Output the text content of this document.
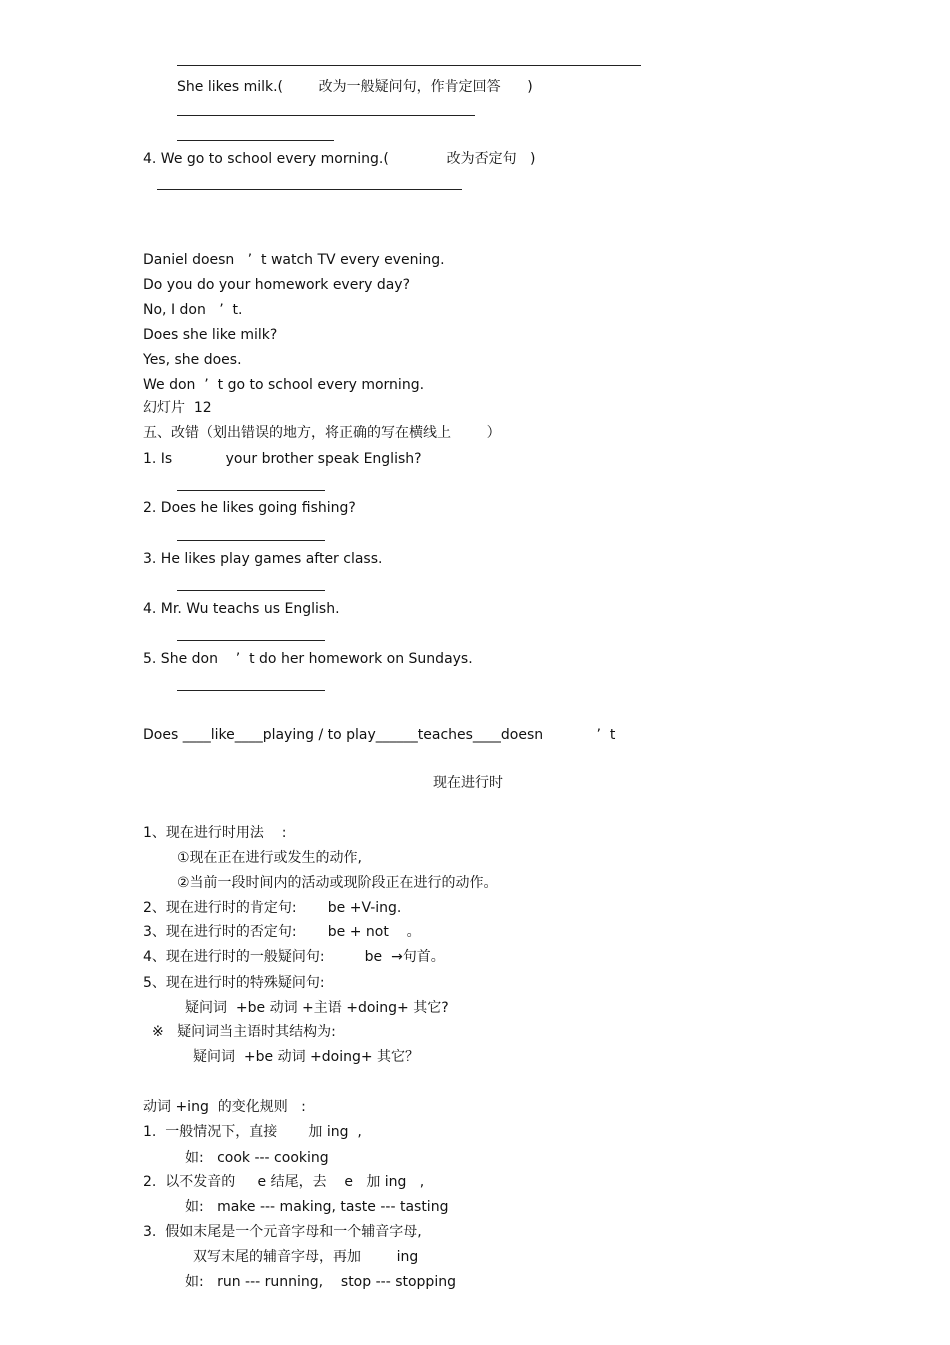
She likes milk.(        改为一般疑问句，作肯定回答      )
4. We go to school every morning.(             改为否定句   )
Daniel doesn   ’  t watch TV every evening.
Do you do your homework every day?
No, I don   ’  t.
Does she like milk?
Yes, she does.
We don  ’  t go to school every morning.
幻灯片  12
五、改错（划出错误的地方，将正确的写在横线上        ）
1. Is            your brother speak English?
2. Does he likes going fishing?
3. He likes play games after class.
4. Mr. Wu teachs us English.
5. She don    ’  t do her homework on Sundays.
Does ____like____playing / to play______teaches____doesn            ’  t
现在进行时
1、现在进行时用法    :
①现在正在进行或发生的动作,
②当前一段时间内的活动或现阶段正在进行的动作。
2、现在进行时的肯定句:       be +V-ing.
3、现在进行时的否定句:       be + not    。
4、现在进行时的一般疑问句:         be  →句首。
5、现在进行时的特殊疑问句:
疑问词  +be 动词 +主语 +doing+ 其它?
※   疑问词当主语时其结构为:
疑问词  +be 动词 +doing+ 其它？
动词 +ing  的变化规则   :
1.  一般情况下，直接       加 ing  ,
如:   cook --- cooking
2.  以不发音的     e 结尾，去    e   加 ing   ,
如:   make --- making, taste --- tasting
3.  假如末尾是一个元音字母和一个辅音字母,
双写末尾的辅音字母，再加        ing
如:   run --- running,    stop --- stopping
